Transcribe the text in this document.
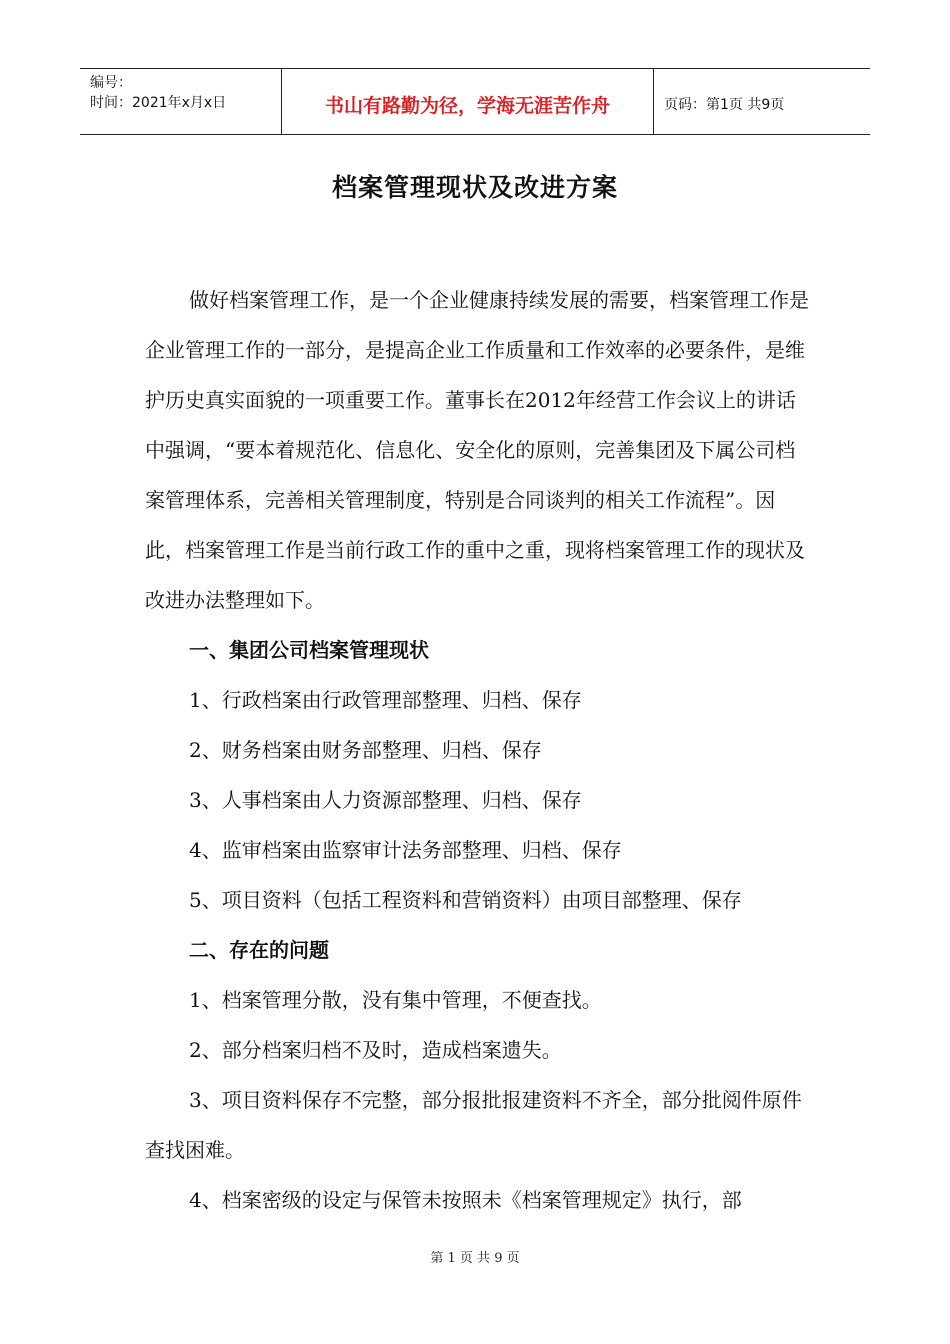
编号：
时间：2021年x月x日	书山有路勤为径，学海无涯苦作舟	页码：第1页 共9页
档案管理现状及改进方案

做好档案管理工作，是一个企业健康持续发展的需要，档案管理工作是企业管理工作的一部分，是提高企业工作质量和工作效率的必要条件，是维护历史真实面貌的一项重要工作。董事长在2012年经营工作会议上的讲话中强调，“要本着规范化、信息化、安全化的原则，完善集团及下属公司档案管理体系，完善相关管理制度，特别是合同谈判的相关工作流程”。因此，档案管理工作是当前行政工作的重中之重，现将档案管理工作的现状及改进办法整理如下。

一、集团公司档案管理现状

1、行政档案由行政管理部整理、归档、保存

2、财务档案由财务部整理、归档、保存

3、人事档案由人力资源部整理、归档、保存

4、监审档案由监察审计法务部整理、归档、保存

5、项目资料（包括工程资料和营销资料）由项目部整理、保存

二、存在的问题

1、档案管理分散，没有集中管理，不便查找。

2、部分档案归档不及时，造成档案遗失。

3、项目资料保存不完整，部分报批报建资料不齐全，部分批阅件原件查找困难。

4、档案密级的设定与保管未按照未《档案管理规定》执行，部

第 1 页 共 9 页
